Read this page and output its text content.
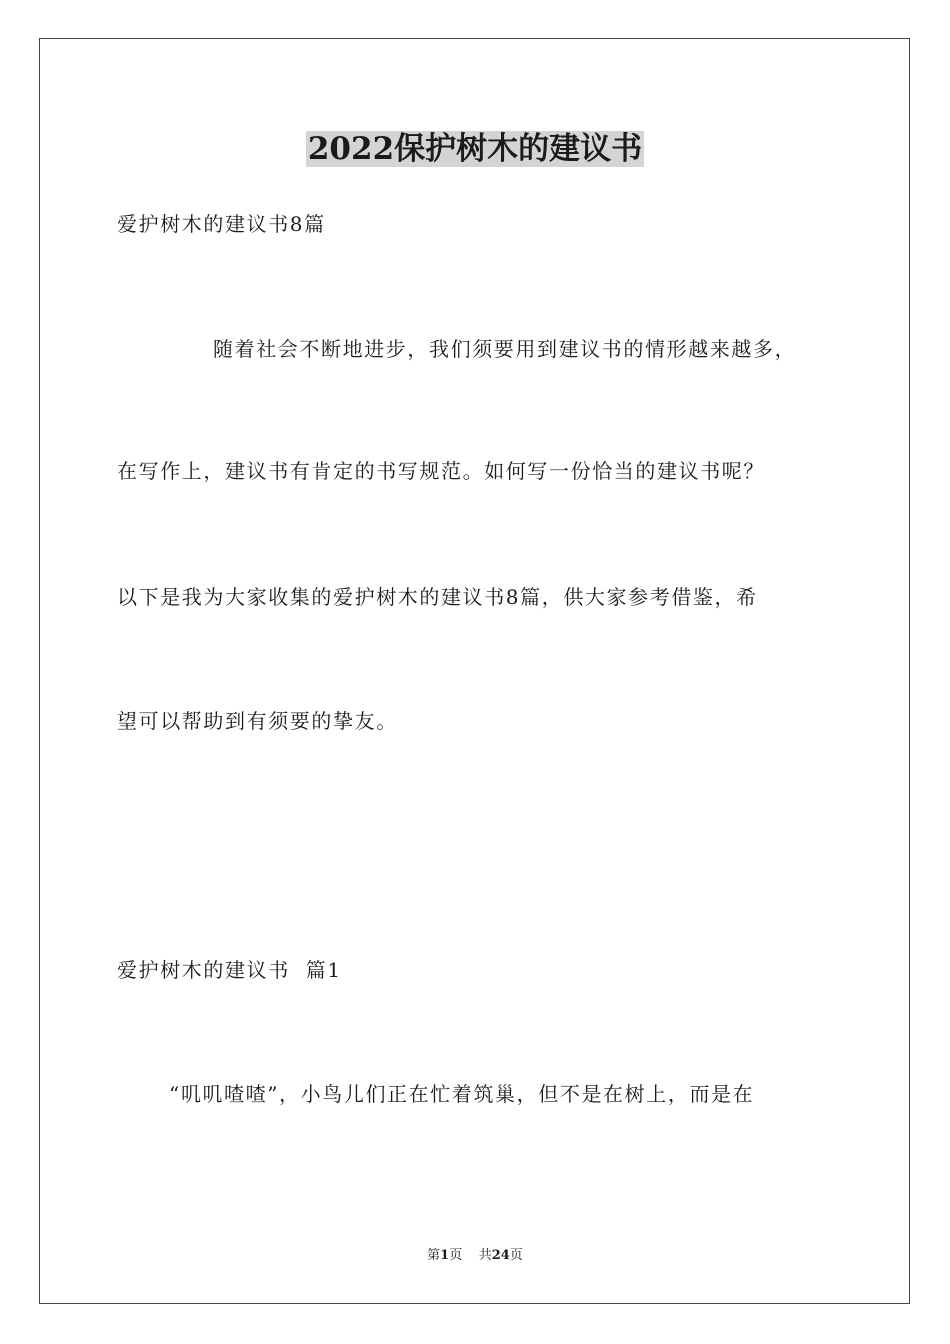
2022保护树木的建议书

爱护树木的建议书8篇

随着社会不断地进步，我们须要用到建议书的情形越来越多，

在写作上，建议书有肯定的书写规范。如何写一份恰当的建议书呢？

以下是我为大家收集的爱护树木的建议书8篇，供大家参考借鉴，希

望可以帮助到有须要的挚友。

爱护树木的建议书  篇1

“叽叽喳喳”，小鸟儿们正在忙着筑巢，但不是在树上，而是在

第1页    共24页
